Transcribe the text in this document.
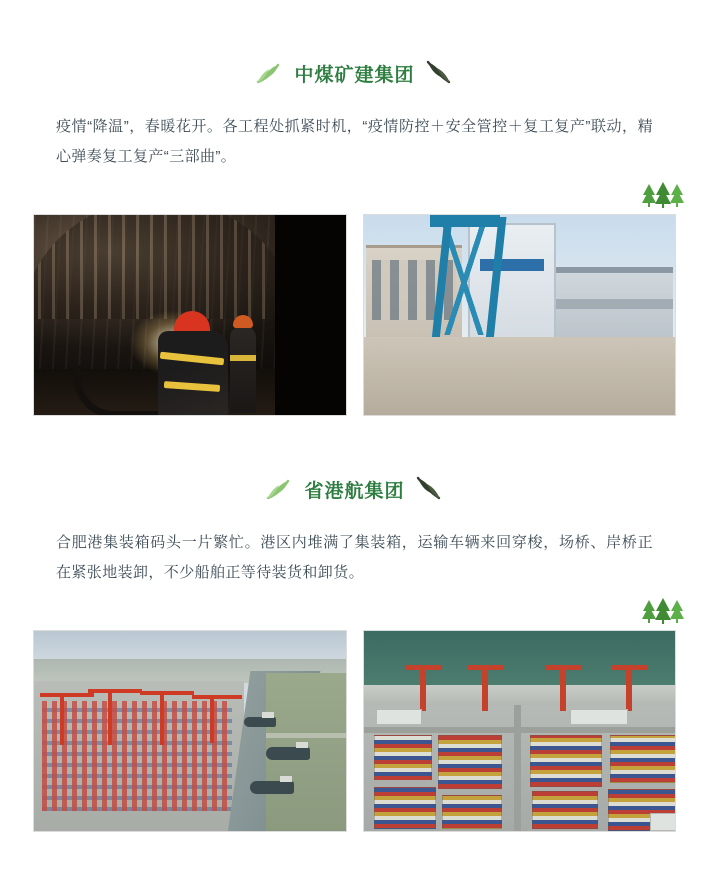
中煤矿建集团

疫情“降温”，春暖花开。各工程处抓紧时机，“疫情防控＋安全管控＋复工复产”联动，精心弹奏复工复产“三部曲”。

省港航集团

合肥港集装箱码头一片繁忙。港区内堆满了集装箱，运输车辆来回穿梭，场桥、岸桥正在紧张地装卸，不少船舶正等待装货和卸货。
